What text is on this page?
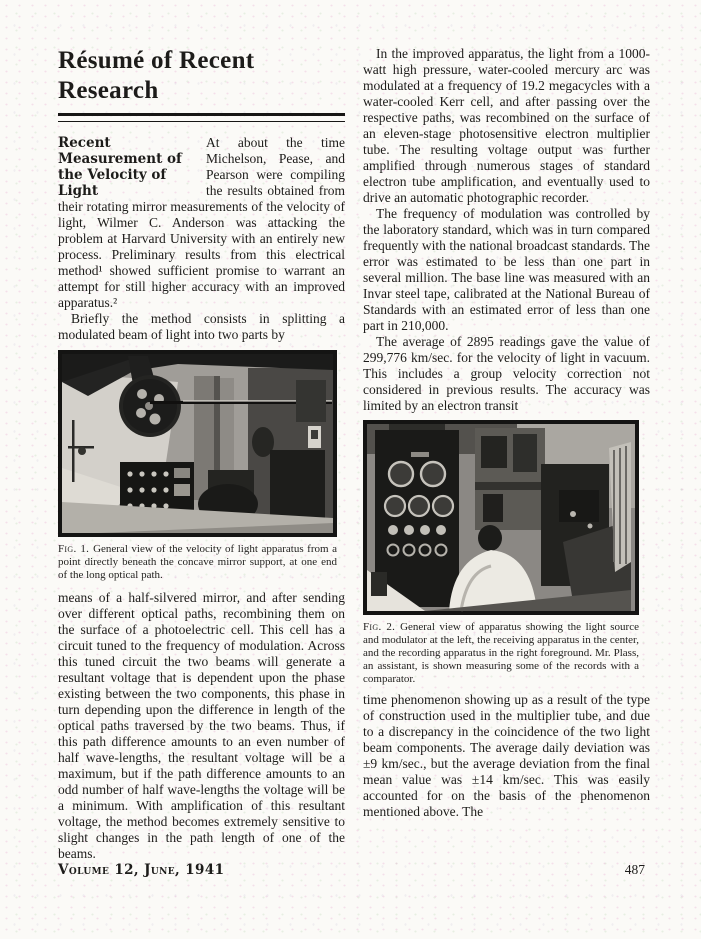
Résumé of Recent Research
Recent Measurement of the Velocity of Light

At about the time Michelson, Pease, and Pearson were compiling the results obtained from their rotating mirror measurements of the velocity of light, Wilmer C. Anderson was attacking the problem at Harvard University with an entirely new process. Preliminary results from this electrical method¹ showed sufficient promise to warrant an attempt for still higher accuracy with an improved apparatus.²

Briefly the method consists in splitting a modulated beam of light into two parts by

Fig. 1. General view of the velocity of light apparatus from a point directly beneath the concave mirror support, at one end of the long optical path.

means of a half-silvered mirror, and after sending over different optical paths, recombining them on the surface of a photoelectric cell. This cell has a circuit tuned to the frequency of modulation. Across this tuned circuit the two beams will generate a resultant voltage that is dependent upon the phase existing between the two components, this phase in turn depending upon the difference in length of the optical paths traversed by the two beams. Thus, if this path difference amounts to an even number of half wave-lengths, the resultant voltage will be a maximum, but if the path difference amounts to an odd number of half wave-lengths the voltage will be a minimum. With amplification of this resultant voltage, the method becomes extremely sensitive to slight changes in the path length of one of the beams.

In the improved apparatus, the light from a 1000-watt high pressure, water-cooled mercury arc was modulated at a frequency of 19.2 megacycles with a water-cooled Kerr cell, and after passing over the respective paths, was recombined on the surface of an eleven-stage photosensitive electron multiplier tube. The resulting voltage output was further amplified through numerous stages of standard electron tube amplification, and eventually used to drive an automatic photographic recorder.

The frequency of modulation was controlled by the laboratory standard, which was in turn compared frequently with the national broadcast standards. The error was estimated to be less than one part in several million. The base line was measured with an Invar steel tape, calibrated at the National Bureau of Standards with an estimated error of less than one part in 210,000.

The average of 2895 readings gave the value of 299,776 km/sec. for the velocity of light in vacuum. This includes a group velocity correction not considered in previous results. The accuracy was limited by an electron transit

Fig. 2. General view of apparatus showing the light source and modulator at the left, the receiving apparatus in the center, and the recording apparatus in the right foreground. Mr. Plass, an assistant, is shown measuring some of the records with a comparator.

time phenomenon showing up as a result of the type of construction used in the multiplier tube, and due to a discrepancy in the coincidence of the two light beam components. The average daily deviation was ±9 km/sec., but the average deviation from the final mean value was ±14 km/sec. This was easily accounted for on the basis of the phenomenon mentioned above. The

Volume 12, June, 1941	487
